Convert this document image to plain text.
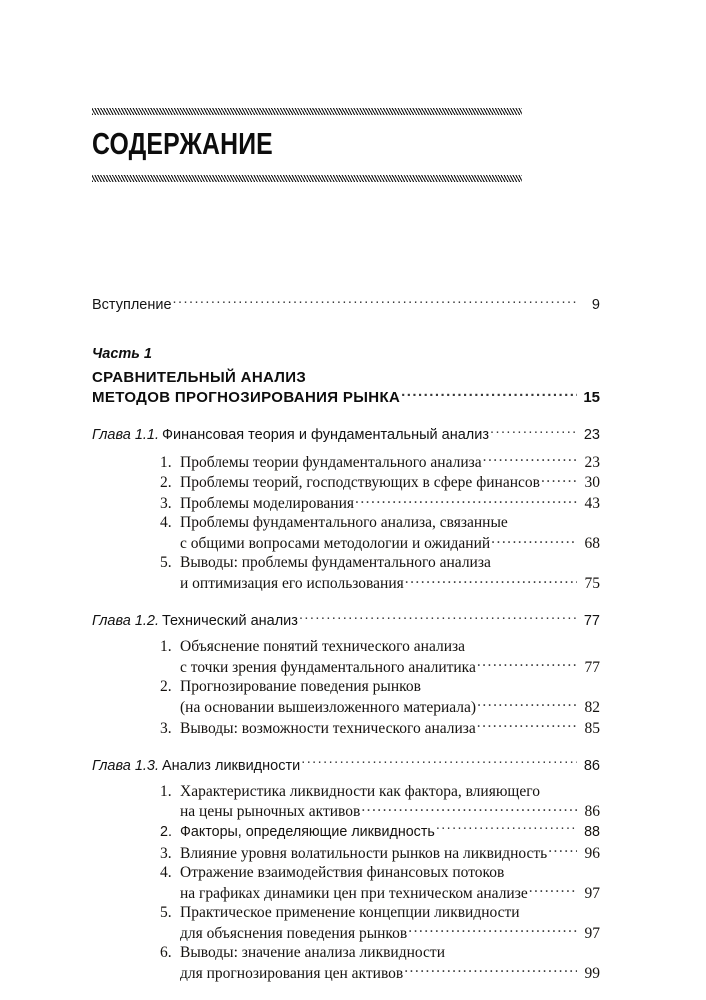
СОДЕРЖАНИЕ
Вступление .....	9
Часть 1
СРАВНИТЕЛЬНЫЙ АНАЛИЗ
МЕТОДОВ ПРОГНОЗИРОВАНИЯ РЫНКА .....	15
Глава 1.1. Финансовая теория и фундаментальный анализ .....	23
1. Проблемы теории фундаментального анализа .....	23
2. Проблемы теорий, господствующих в сфере финансов .....	30
3. Проблемы моделирования .....	43
4. Проблемы фундаментального анализа, связанные
с общими вопросами методологии и ожиданий .....	68
5. Выводы: проблемы фундаментального анализа
и оптимизация его использования .....	75
Глава 1.2. Технический анализ .....	77
1. Объяснение понятий технического анализа
с точки зрения фундаментального аналитика .....	77
2. Прогнозирование поведения рынков
(на основании вышеизложенного материала) .....	82
3. Выводы: возможности технического анализа .....	85
Глава 1.3. Анализ ликвидности .....	86
1. Характеристика ликвидности как фактора, влияющего
на цены рыночных активов .....	86
2. Факторы, определяющие ликвидность .....	88
3. Влияние уровня волатильности рынков на ликвидность .....	96
4. Отражение взаимодействия финансовых потоков
на графиках динамики цен при техническом анализе .....	97
5. Практическое применение концепции ликвидности
для объяснения поведения рынков .....	97
6. Выводы: значение анализа ликвидности
для прогнозирования цен активов .....	99
